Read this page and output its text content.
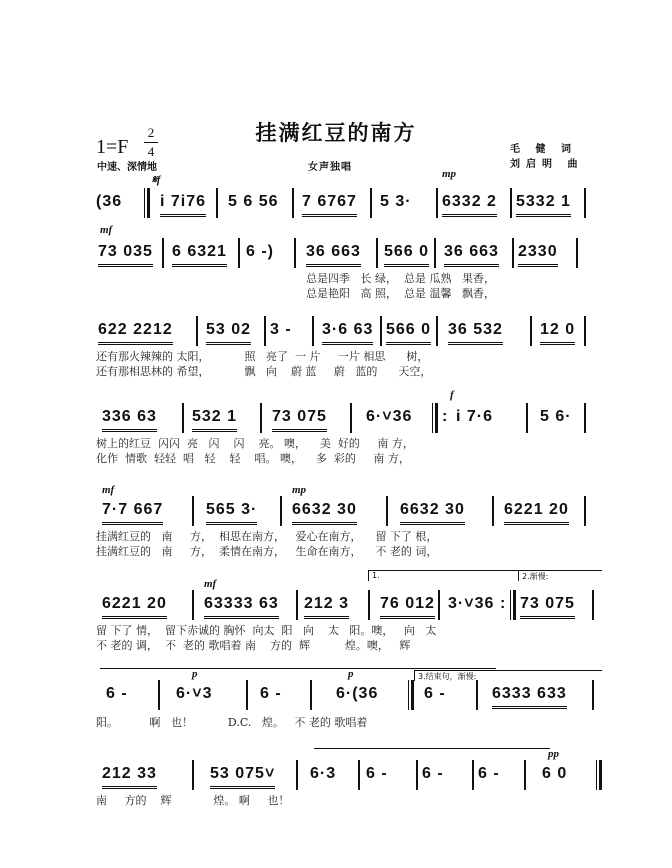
挂满红豆的南方
1=F
2
4
中速、深情地	女声独唱
毛 健 词
刘启明 曲
𝄋f	mp
(36 i 7i76 5 6 56 7 6767 5 3· 6332 2 5332 1
mf
73 035 6 6321 6 -) 36 663 566 0 36 663 2330
总是四季   长 绿，  总是 瓜熟   果香，
总是艳阳   高 照，  总是 温馨   飘香，
622 2212 53 02 3 - 3·6 63 566 0 36 532 12 0
还有那火辣辣的 太阳，          照   亮了  一 片     一片 相思      树，
还有那相思林的 希望，          飘   向    蔚 蓝     蔚   蓝的      天空，
f
336 63 532 1 73 075 6·˅36 : i 7·6	5 6·
树上的红豆  闪闪  亮   闪    闪    亮。 噢，    美  好的     南 方，
化作  情歌  轻轻  唱   轻    轻    唱。 噢，    多  彩的     南 方，
mf	mp
7·7 667	565 3· 6632 30	6632 30 6221 20
挂满红豆的   南     方，  相思在南方，   爱心在南方，    留 下了 根，
挂满红豆的   南     方，  柔情在南方，   生命在南方，    不 老的 词，
1.	2.渐慢:
mf
6221 20 63333 63 212 3 76 012 3·˅36 : 73 075
留 下了 情，  留下赤诚的 胸怀  向太  阳   向    太   阳。噢，   向   太
不 老的 调，  不  老的 歌唱着 南    方的  辉          煌。噢，   辉
3.结束句，渐慢:
p	p
6 -	6·˅3	6 -	6·(36	6 -	6333 633
阳。         啊   也！          D.C.   煌。   不 老的 歌唱着
pp
212 33	53 075˅ 6·3 6 - 6 - 6 -	6 0
南     方的    辉            煌。 啊     也！
